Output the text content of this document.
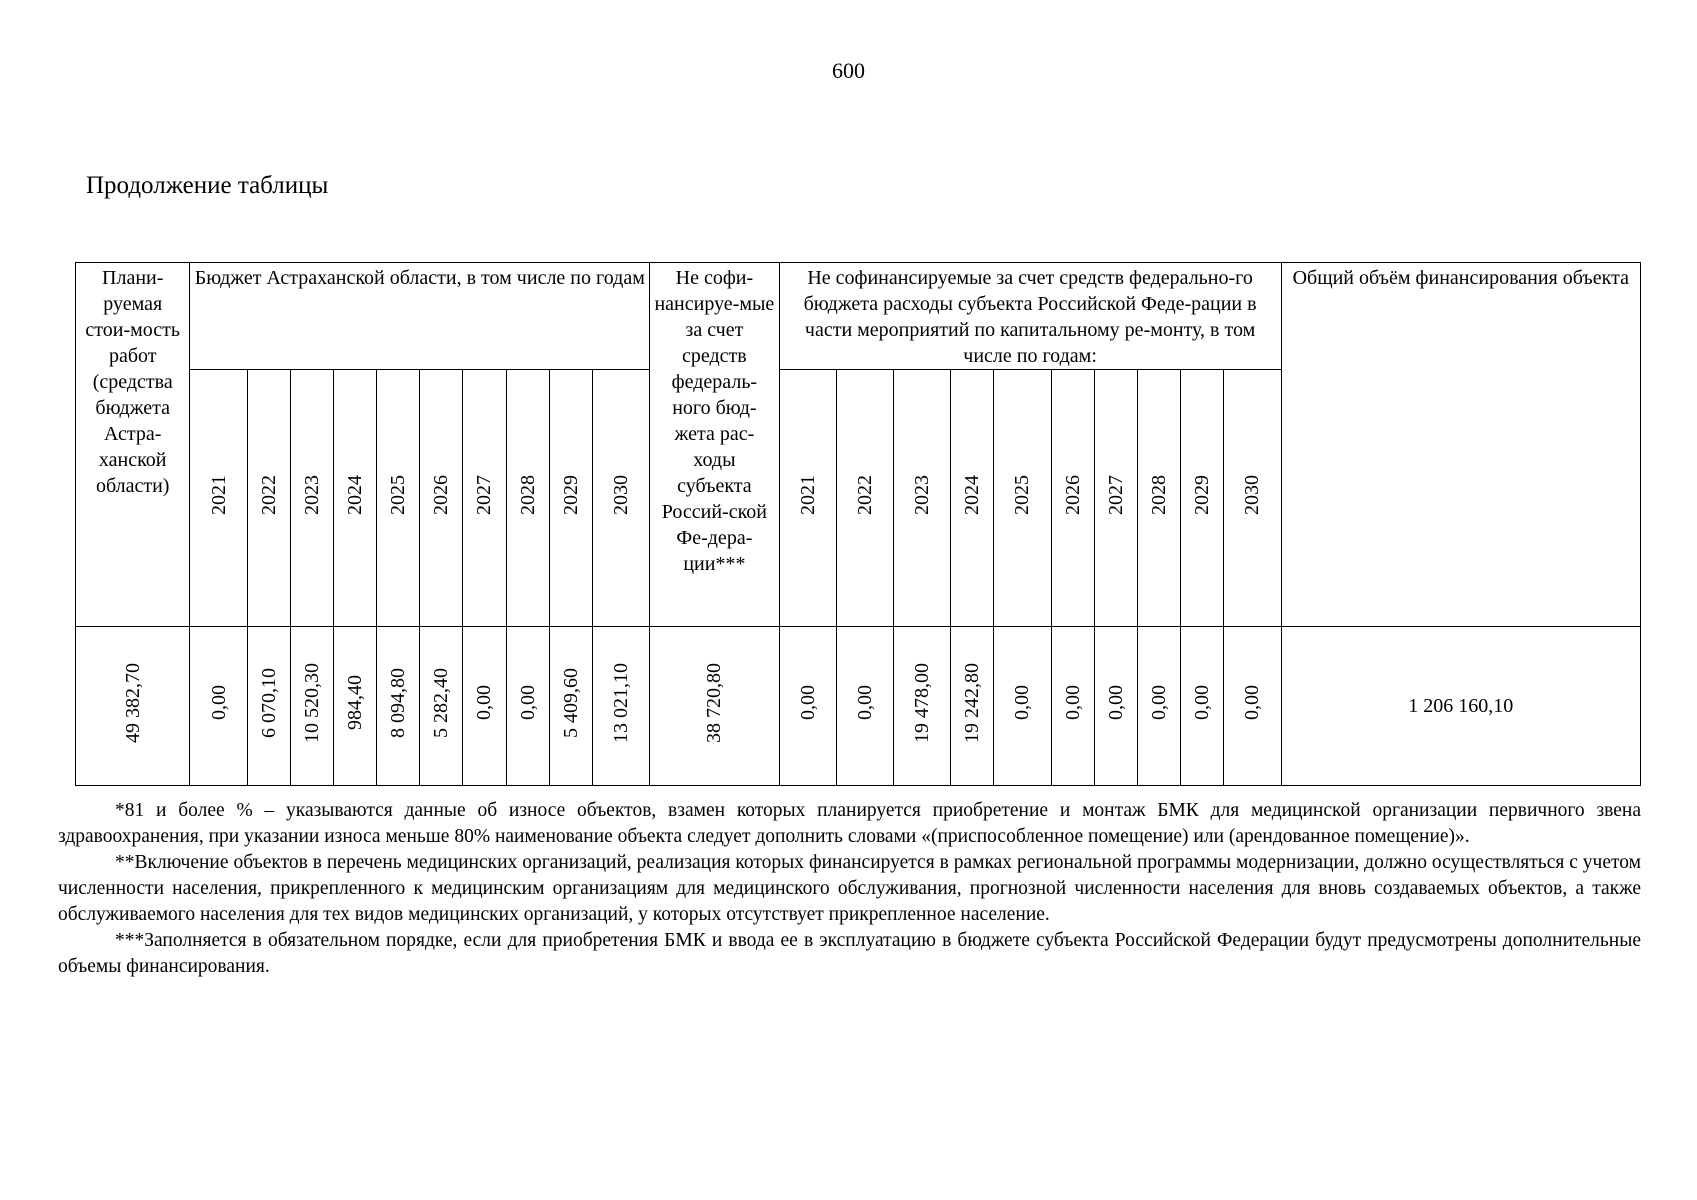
600
Продолжение таблицы
Плани-руемая стои-мость работ (средства бюджета Астра-ханской области)	Бюджет Астраханской области, в том числе по годам										Не софи-нансируе-мые за счет средств федераль-ного бюд-жета рас-ходы субъекта Россий-ской Фе-дера-ции***	Не софинансируемые за счет средств федерально-го бюджета расходы субъекта Российской Феде-рации в части мероприятий по капитальному ре-монту, в том числе по годам:										Общий объём финансирования объекта
	2021	2022	2023	2024	2025	2026	2027	2028	2029	2030		2021	2022	2023	2024	2025	2026	2027	2028	2029	2030	
49 382,70	0,00	6 070,10	10 520,30	984,40	8 094,80	5 282,40	0,00	0,00	5 409,60	13 021,10	38 720,80	0,00	0,00	19 478,00	19 242,80	0,00	0,00	0,00	0,00	0,00	0,00	1 206 160,10

*81 и более % – указываются данные об износе объектов, взамен которых планируется приобретение и монтаж БМК для медицинской организации первичного звена здравоохранения, при указании износа меньше 80% наименование объекта следует дополнить словами «(приспособленное помещение) или (арендованное помещение)».

**Включение объектов в перечень медицинских организаций, реализация которых финансируется в рамках региональной программы модернизации, должно осуществляться с учетом численности населения, прикрепленного к медицинским организациям для медицинского обслуживания, прогнозной численности населения для вновь создаваемых объектов, а также обслуживаемого населения для тех видов медицинских организаций, у которых отсутствует прикрепленное население.

***Заполняется в обязательном порядке, если для приобретения БМК и ввода ее в эксплуатацию в бюджете субъекта Российской Федерации будут предусмотрены дополнительные объемы финансирования.
